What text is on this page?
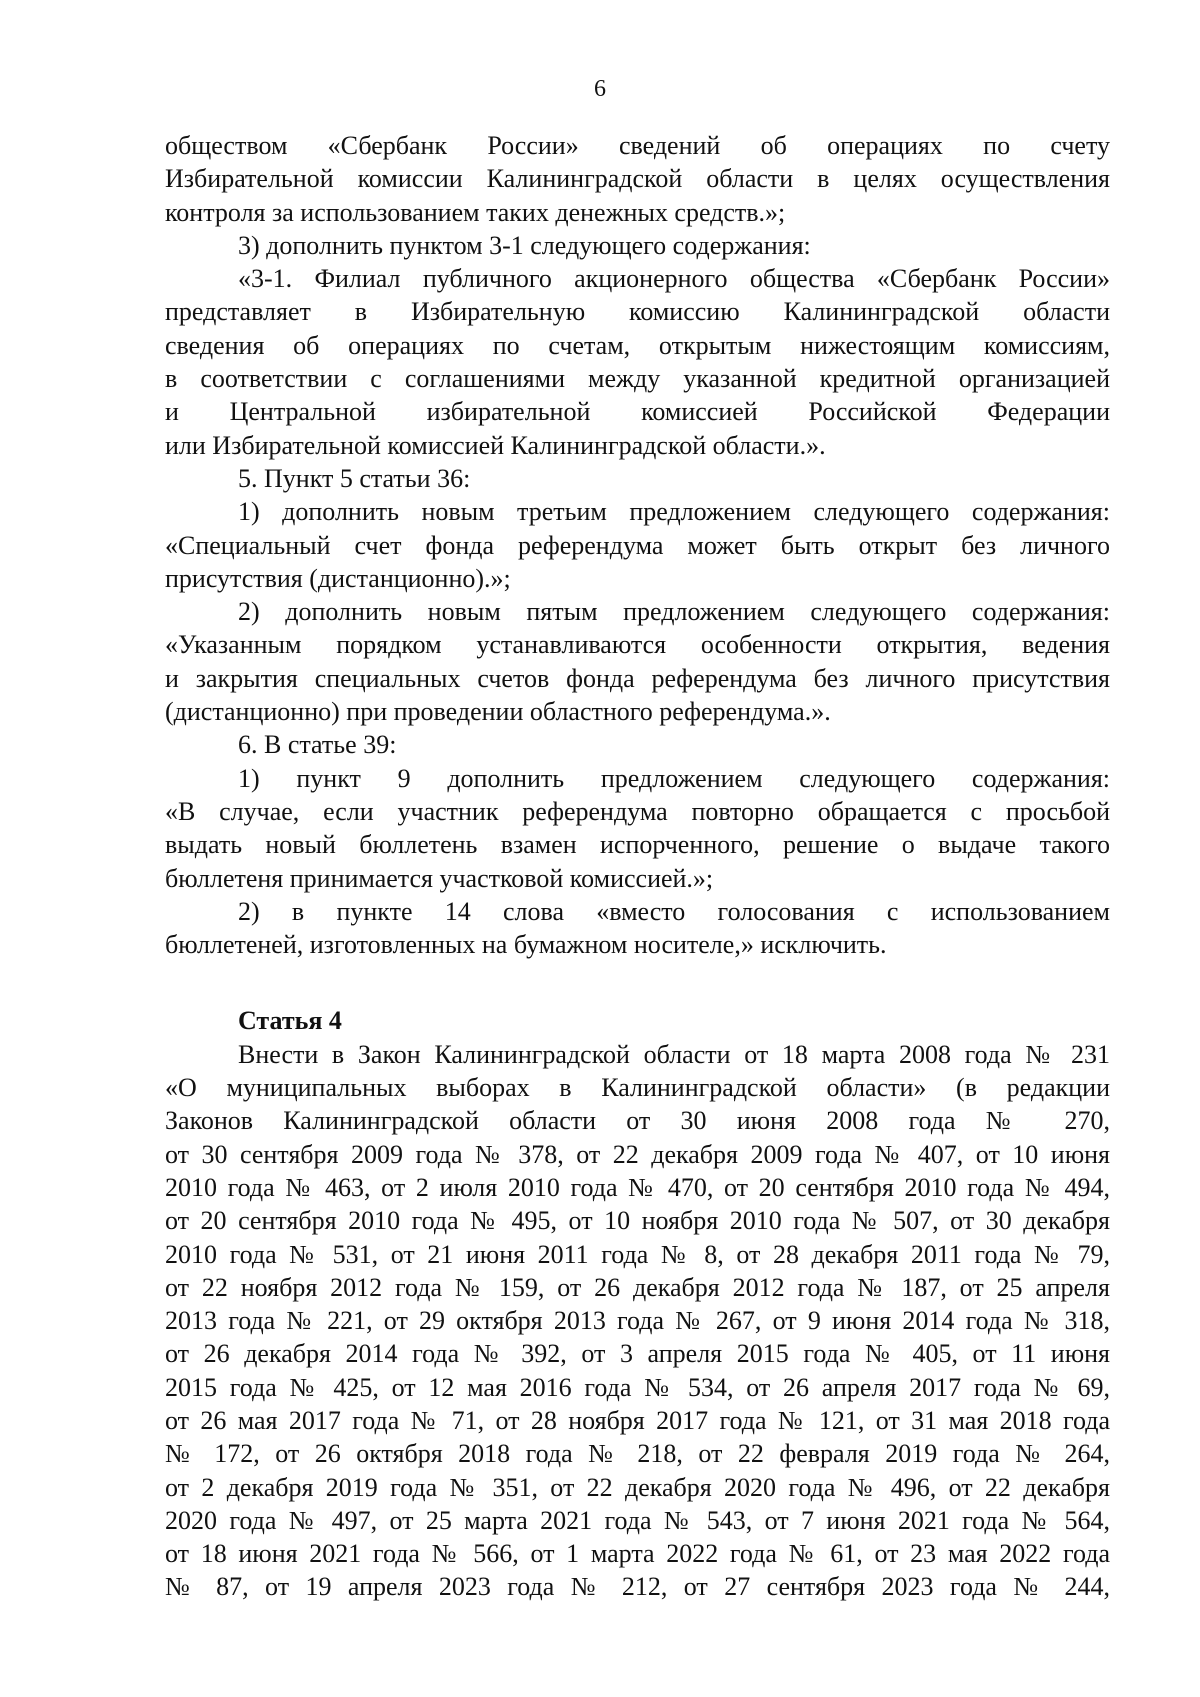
6
обществом «Сбербанк России» сведений об операциях по счету
Избирательной комиссии Калининградской области в целях осуществления
контроля за использованием таких денежных средств.»;
3) дополнить пунктом 3-1 следующего содержания:
«3-1. Филиал публичного акционерного общества «Сбербанк России»
представляет в Избирательную комиссию Калининградской области
сведения об операциях по счетам, открытым нижестоящим комиссиям,
в соответствии с соглашениями между указанной кредитной организацией
и Центральной избирательной комиссией Российской Федерации
или Избирательной комиссией Калининградской области.».
5. Пункт 5 статьи 36:
1) дополнить новым третьим предложением следующего содержания:
«Специальный счет фонда референдума может быть открыт без личного
присутствия (дистанционно).»;
2) дополнить новым пятым предложением следующего содержания:
«Указанным порядком устанавливаются особенности открытия, ведения
и закрытия специальных счетов фонда референдума без личного присутствия
(дистанционно) при проведении областного референдума.».
6. В статье 39:
1) пункт 9 дополнить предложением следующего содержания:
«В случае, если участник референдума повторно обращается с просьбой
выдать новый бюллетень взамен испорченного, решение о выдаче такого
бюллетеня принимается участковой комиссией.»;
2) в пункте 14 слова «вместо голосования с использованием
бюллетеней, изготовленных на бумажном носителе,» исключить.
Статья 4
Внести в Закон Калининградской области от 18 марта 2008 года № 231
«О муниципальных выборах в Калининградской области» (в редакции
Законов Калининградской области от 30 июня 2008 года № 270,
от 30 сентября 2009 года № 378, от 22 декабря 2009 года № 407, от 10 июня
2010 года № 463, от 2 июля 2010 года № 470, от 20 сентября 2010 года № 494,
от 20 сентября 2010 года № 495, от 10 ноября 2010 года № 507, от 30 декабря
2010 года № 531, от 21 июня 2011 года № 8, от 28 декабря 2011 года № 79,
от 22 ноября 2012 года № 159, от 26 декабря 2012 года № 187, от 25 апреля
2013 года № 221, от 29 октября 2013 года № 267, от 9 июня 2014 года № 318,
от 26 декабря 2014 года № 392, от 3 апреля 2015 года № 405, от 11 июня
2015 года № 425, от 12 мая 2016 года № 534, от 26 апреля 2017 года № 69,
от 26 мая 2017 года № 71, от 28 ноября 2017 года № 121, от 31 мая 2018 года
№ 172, от 26 октября 2018 года № 218, от 22 февраля 2019 года № 264,
от 2 декабря 2019 года № 351, от 22 декабря 2020 года № 496, от 22 декабря
2020 года № 497, от 25 марта 2021 года № 543, от 7 июня 2021 года № 564,
от 18 июня 2021 года № 566, от 1 марта 2022 года № 61, от 23 мая 2022 года
№ 87, от 19 апреля 2023 года № 212, от 27 сентября 2023 года № 244,
